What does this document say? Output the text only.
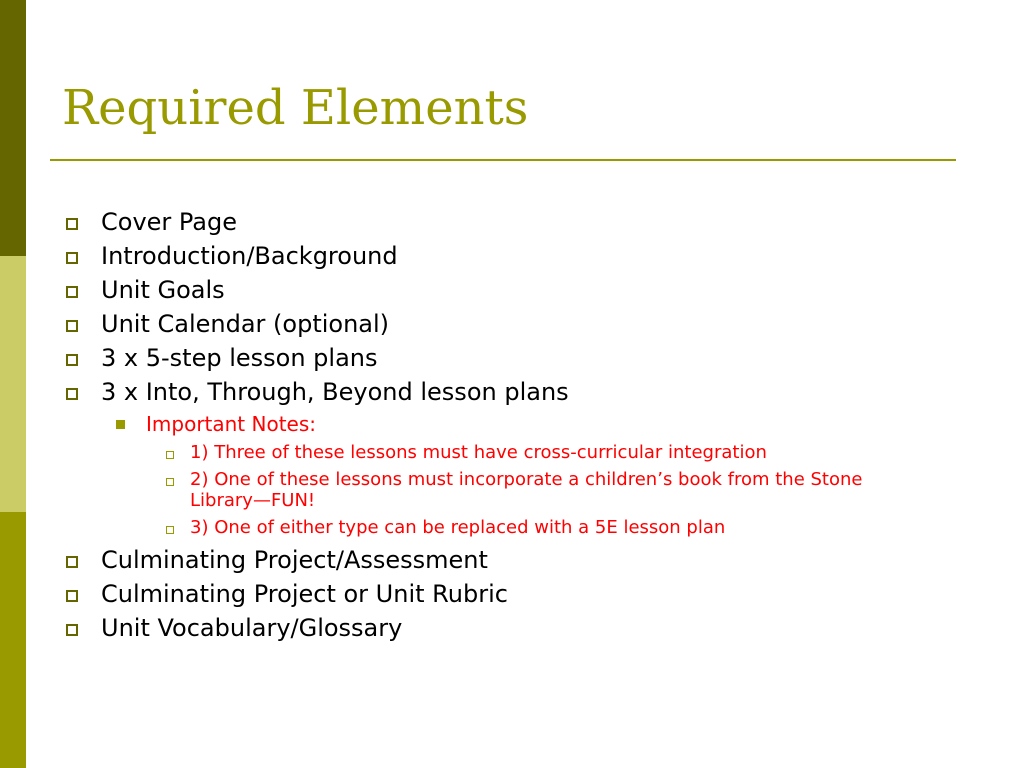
Required Elements
Cover Page
Introduction/Background
Unit Goals
Unit Calendar (optional)
3 x 5-step lesson plans
3 x Into, Through, Beyond lesson plans
Important Notes:
1) Three of these lessons must have cross-curricular integration
2) One of these lessons must incorporate a children’s book from the Stone Library—FUN!
3) One of either type can be replaced with a 5E lesson plan
Culminating Project/Assessment
Culminating Project or Unit Rubric
Unit Vocabulary/Glossary
